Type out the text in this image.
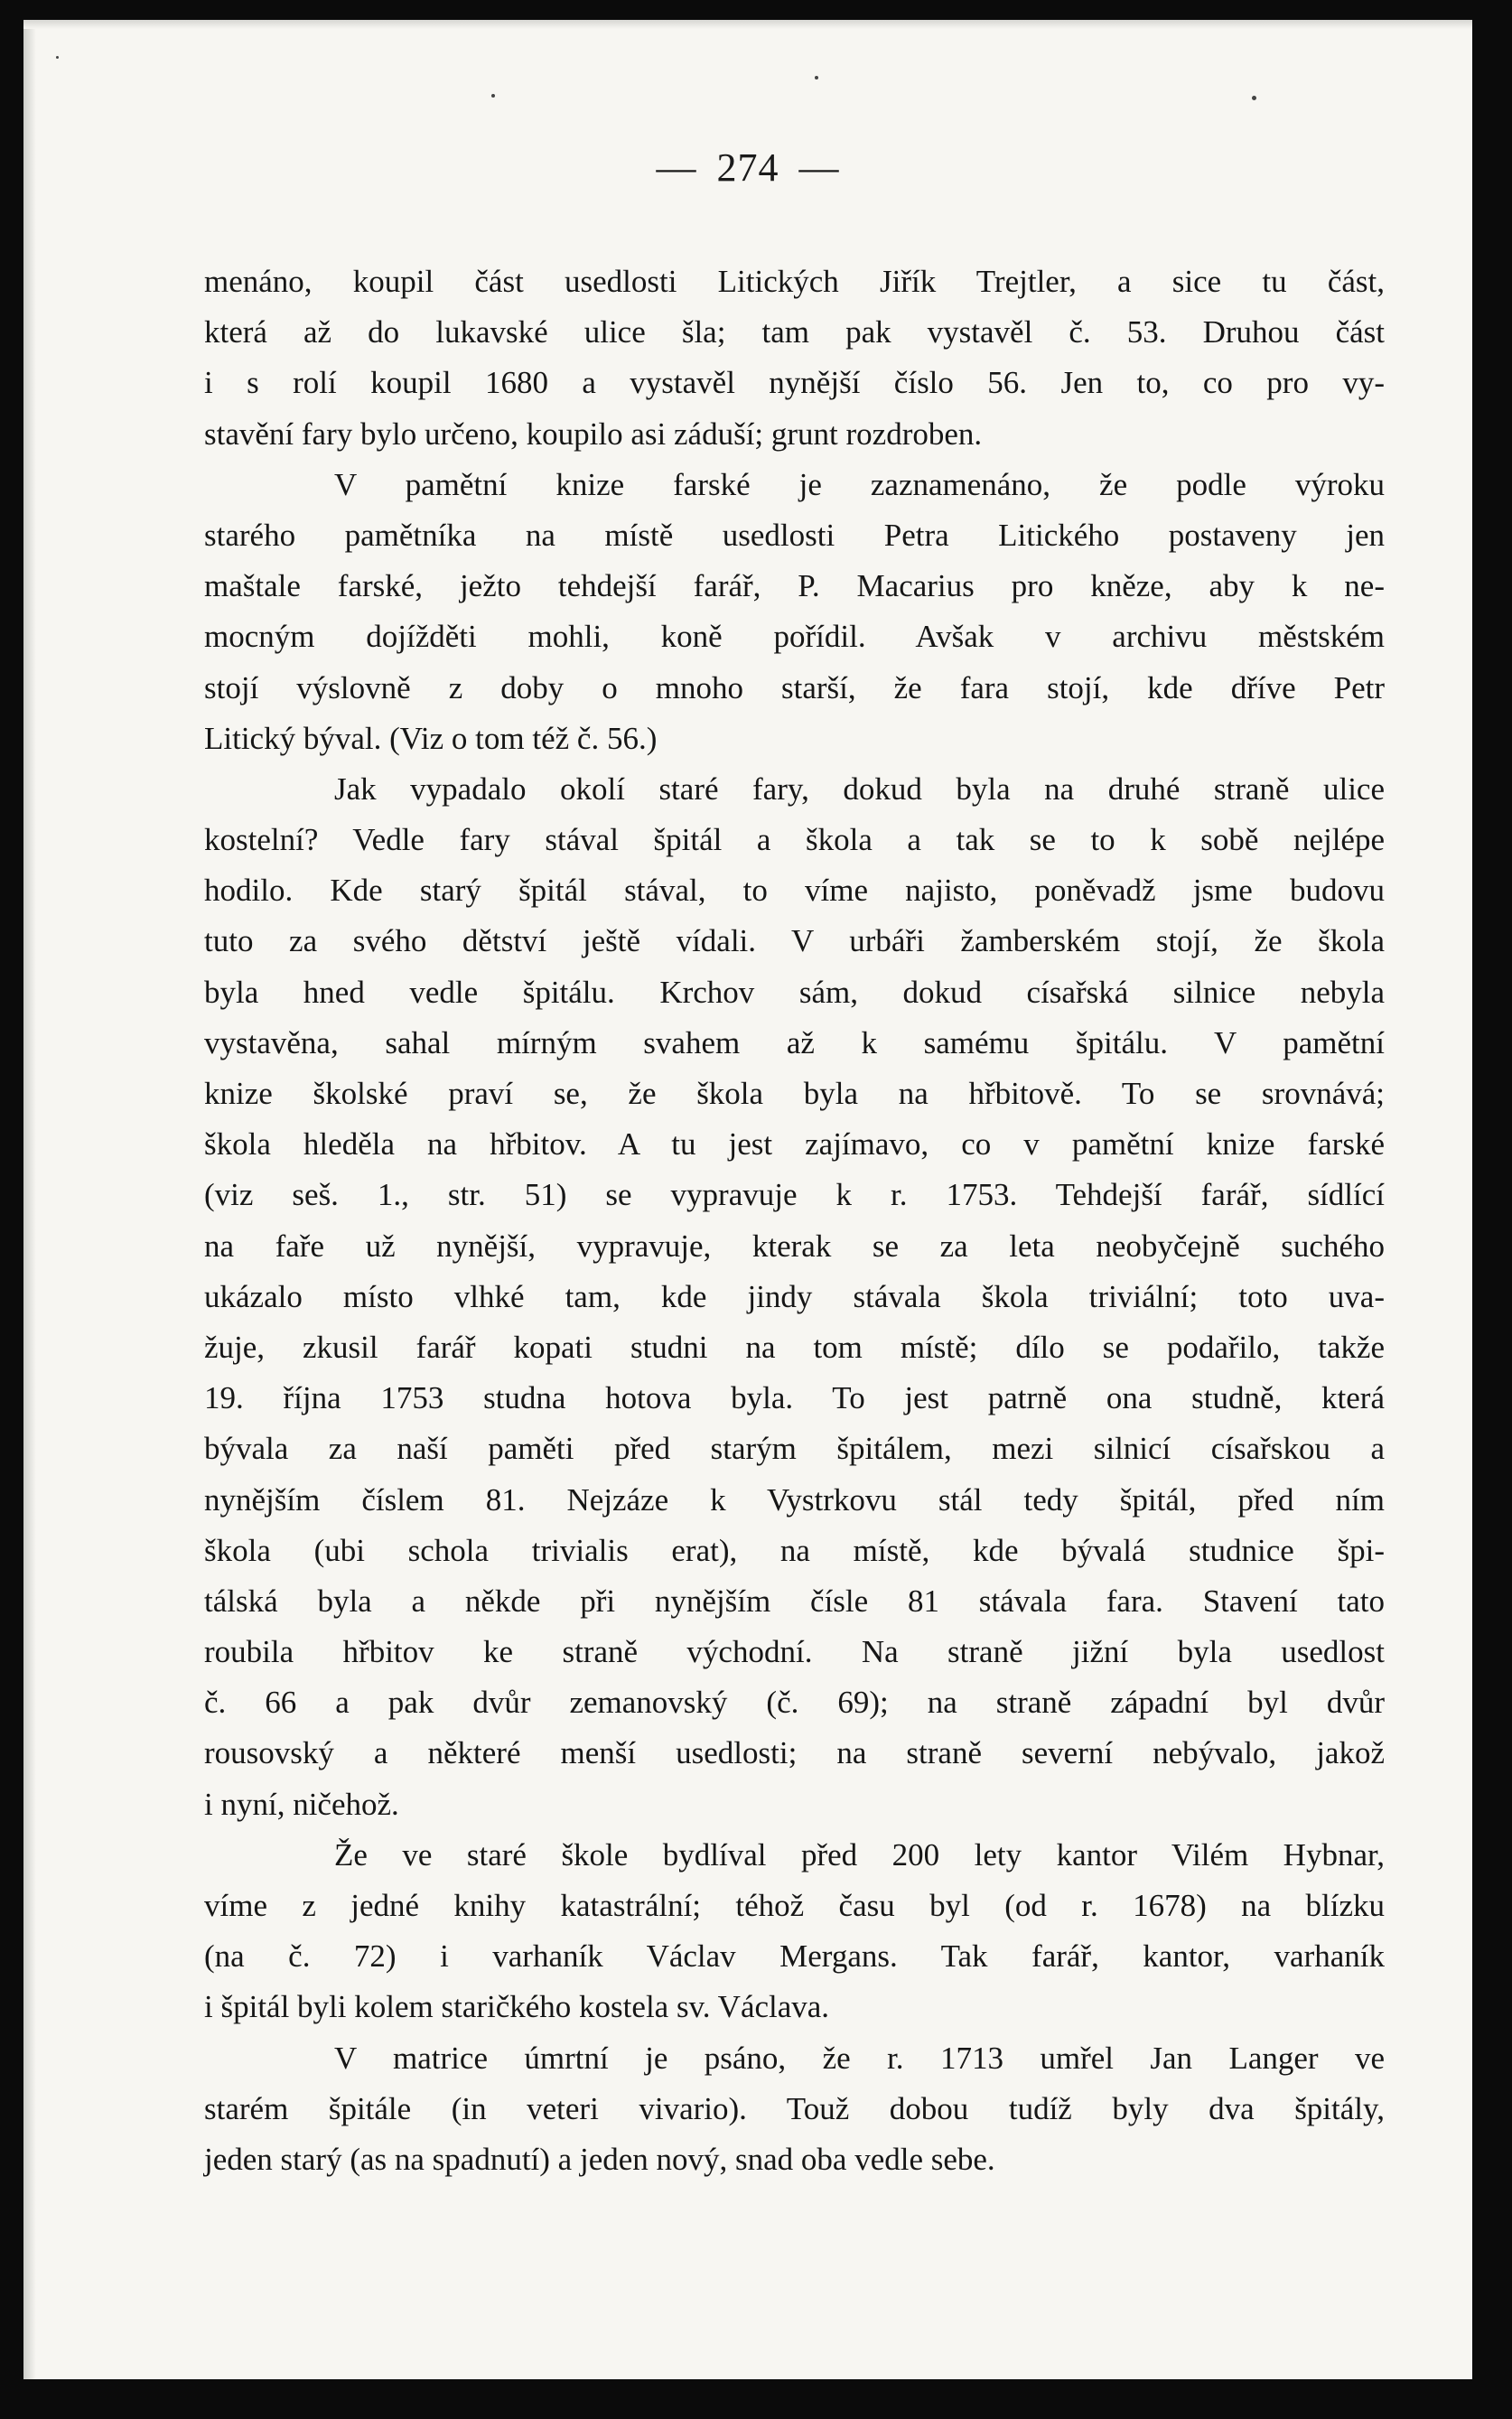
— 274 —
menáno, koupil část usedlosti Litických Jiřík Trejtler, a sice tu část,
která až do lukavské ulice šla; tam pak vystavěl č. 53. Druhou část
i s rolí koupil 1680 a vystavěl nynější číslo 56. Jen to, co pro vy-
stavění fary bylo určeno, koupilo asi záduší; grunt rozdroben.
V pamětní knize farské je zaznamenáno, že podle výroku
starého pamětníka na místě usedlosti Petra Litického postaveny jen
maštale farské, ježto tehdejší farář, P. Macarius pro kněze, aby k ne-
mocným dojížděti mohli, koně pořídil. Avšak v archivu městském
stojí výslovně z doby o mnoho starší, že fara stojí, kde dříve Petr
Litický býval. (Viz o tom též č. 56.)
Jak vypadalo okolí staré fary, dokud byla na druhé straně ulice
kostelní? Vedle fary stával špitál a škola a tak se to k sobě nejlépe
hodilo. Kde starý špitál stával, to víme najisto, poněvadž jsme budovu
tuto za svého dětství ještě vídali. V urbáři žamberském stojí, že škola
byla hned vedle špitálu. Krchov sám, dokud císařská silnice nebyla
vystavěna, sahal mírným svahem až k samému špitálu. V pamětní
knize školské praví se, že škola byla na hřbitově. To se srovnává;
škola hleděla na hřbitov. A tu jest zajímavo, co v pamětní knize farské
(viz seš. 1., str. 51) se vypravuje k r. 1753. Tehdejší farář, sídlící
na faře už nynější, vypravuje, kterak se za leta neobyčejně suchého
ukázalo místo vlhké tam, kde jindy stávala škola triviální; toto uva-
žuje, zkusil farář kopati studni na tom místě; dílo se podařilo, takže
19. října 1753 studna hotova byla. To jest patrně ona studně, která
bývala za naší paměti před starým špitálem, mezi silnicí císařskou a
nynějším číslem 81. Nejzáze k Vystrkovu stál tedy špitál, před ním
škola (ubi schola trivialis erat), na místě, kde bývalá studnice špi-
tálská byla a někde při nynějším čísle 81 stávala fara. Stavení tato
roubila hřbitov ke straně východní. Na straně jižní byla usedlost
č. 66 a pak dvůr zemanovský (č. 69); na straně západní byl dvůr
rousovský a některé menší usedlosti; na straně severní nebývalo, jakož
i nyní, ničehož.
Že ve staré škole bydlíval před 200 lety kantor Vilém Hybnar,
víme z jedné knihy katastrální; téhož času byl (od r. 1678) na blízku
(na č. 72) i varhaník Václav Mergans. Tak farář, kantor, varhaník
i špitál byli kolem staričkého kostela sv. Václava.
V matrice úmrtní je psáno, že r. 1713 umřel Jan Langer ve
starém špitále (in veteri vivario). Touž dobou tudíž byly dva špitály,
jeden starý (as na spadnutí) a jeden nový, snad oba vedle sebe.
